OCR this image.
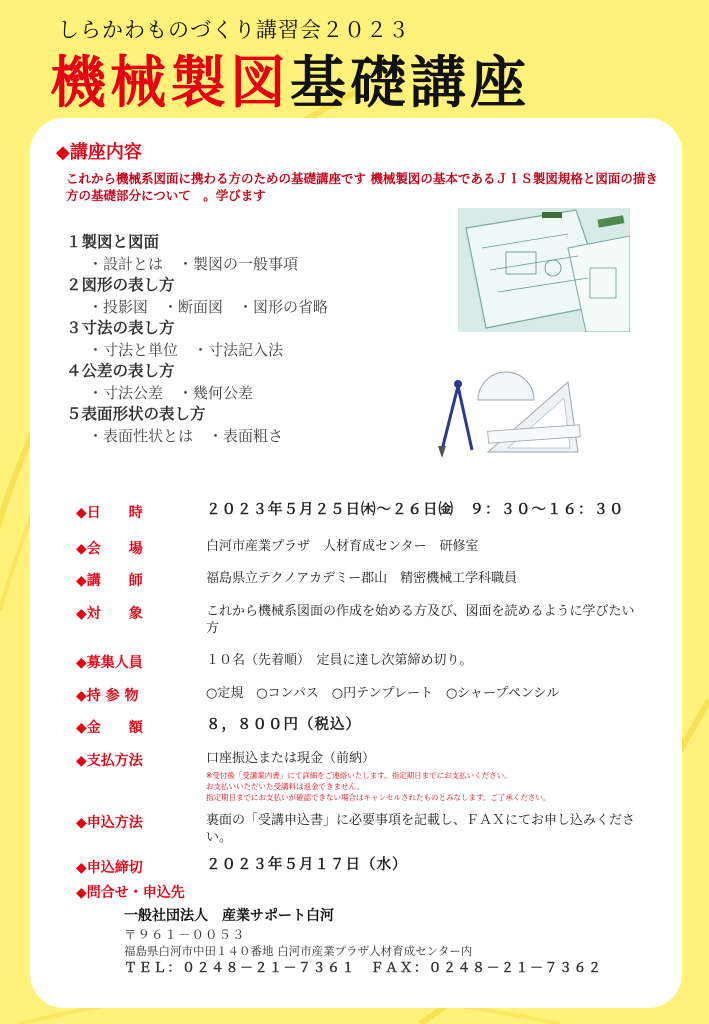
しらかわものづくり講習会２０２３
機械製図基礎講座
◆講座内容
これから機械系図面に携わる方のための基礎講座です 機械製図の基本であるＪＩＳ製図規格と図面の描き方の基礎部分について　。学びます
１製図と図面
・設計とは　・製図の一般事項
２図形の表し方
・投影図　・断面図　・図形の省略
３寸法の表し方
・寸法と単位　・寸法記入法
４公差の表し方
・寸法公差　・幾何公差
５表面形状の表し方
・表面性状とは　・表面粗さ
◆日　　時	２０２３年５月２５日㈭～２６日㈮　９：３０～１６：３０
◆会　　場	白河市産業プラザ　人材育成センター　研修室
◆講　　師	福島県立テクノアカデミー郡山　精密機械工学科職員
◆対　　象	これから機械系図面の作成を始める方及び、図面を読めるように学びたい方
◆募集人員	１０名（先着順）　定員に達し次第締め切り。
◆持 参 物	○定規　○コンパス　○円テンプレート　○シャープペンシル
◆金　　額	８，８００円（税込）
◆支払方法	口座振込または現金（前納）
※受付後「受講案内書」にて詳細をご連絡いたします。指定期日までにお支払いください。
お支払いいただいた受講料は返金できません。
指定期日までにお支払いが確認できない場合はキャンセルされたものとみなします。ご了承ください。
◆申込方法	裏面の「受講申込書」に必要事項を記載し、ＦＡＸにてお申し込みください。
◆申込締切	２０２３年５月１７日（水）
◆問合せ・申込先
一般社団法人　産業サポート白河
〒９６１－００５３
福島県白河市中田１４０番地 白河市産業プラザ人材育成センター内
ＴＥＬ：０２４８－２１－７３６１　ＦＡＸ：０２４８－２１－７３６２
